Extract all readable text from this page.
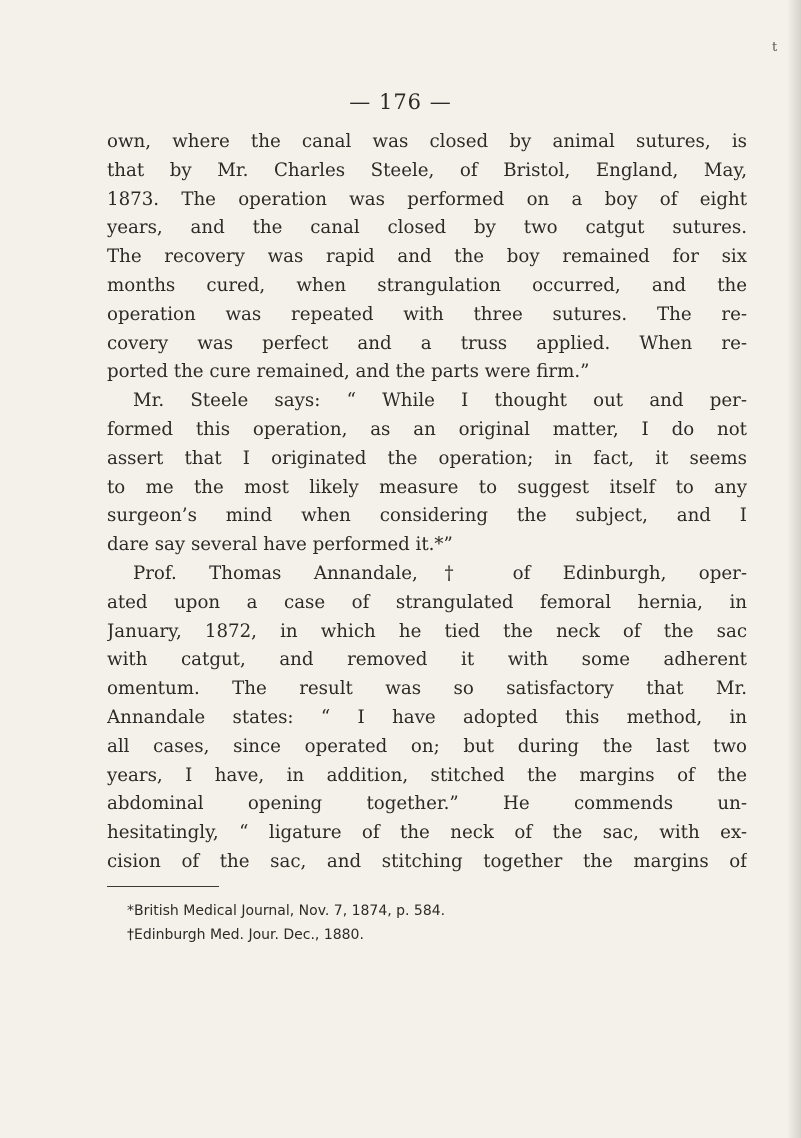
t
— 176 —
own, where the canal was closed by animal sutures, is
that by Mr. Charles Steele, of Bristol, England, May,
1873. The operation was performed on a boy of eight
years, and the canal closed by two catgut sutures.
The recovery was rapid and the boy remained for six
months cured, when strangulation occurred, and the
operation was repeated with three sutures. The re-
covery was perfect and a truss applied. When re-
ported the cure remained, and the parts were firm.”
Mr. Steele says: “ While I thought out and per-
formed this operation, as an original matter, I do not
assert that I originated the operation; in fact, it seems
to me the most likely measure to suggest itself to any
surgeon’s mind when considering the subject, and I
dare say several have performed it.*”
Prof. Thomas Annandale,† of Edinburgh, oper-
ated upon a case of strangulated femoral hernia, in
January, 1872, in which he tied the neck of the sac
with catgut, and removed it with some adherent
omentum. The result was so satisfactory that Mr.
Annandale states: “ I have adopted this method, in
all cases, since operated on; but during the last two
years, I have, in addition, stitched the margins of the
abdominal opening together.” He commends un-
hesitatingly, “ ligature of the neck of the sac, with ex-
cision of the sac, and stitching together the margins of
*British Medical Journal, Nov. 7, 1874, p. 584.
†Edinburgh Med. Jour. Dec., 1880.
